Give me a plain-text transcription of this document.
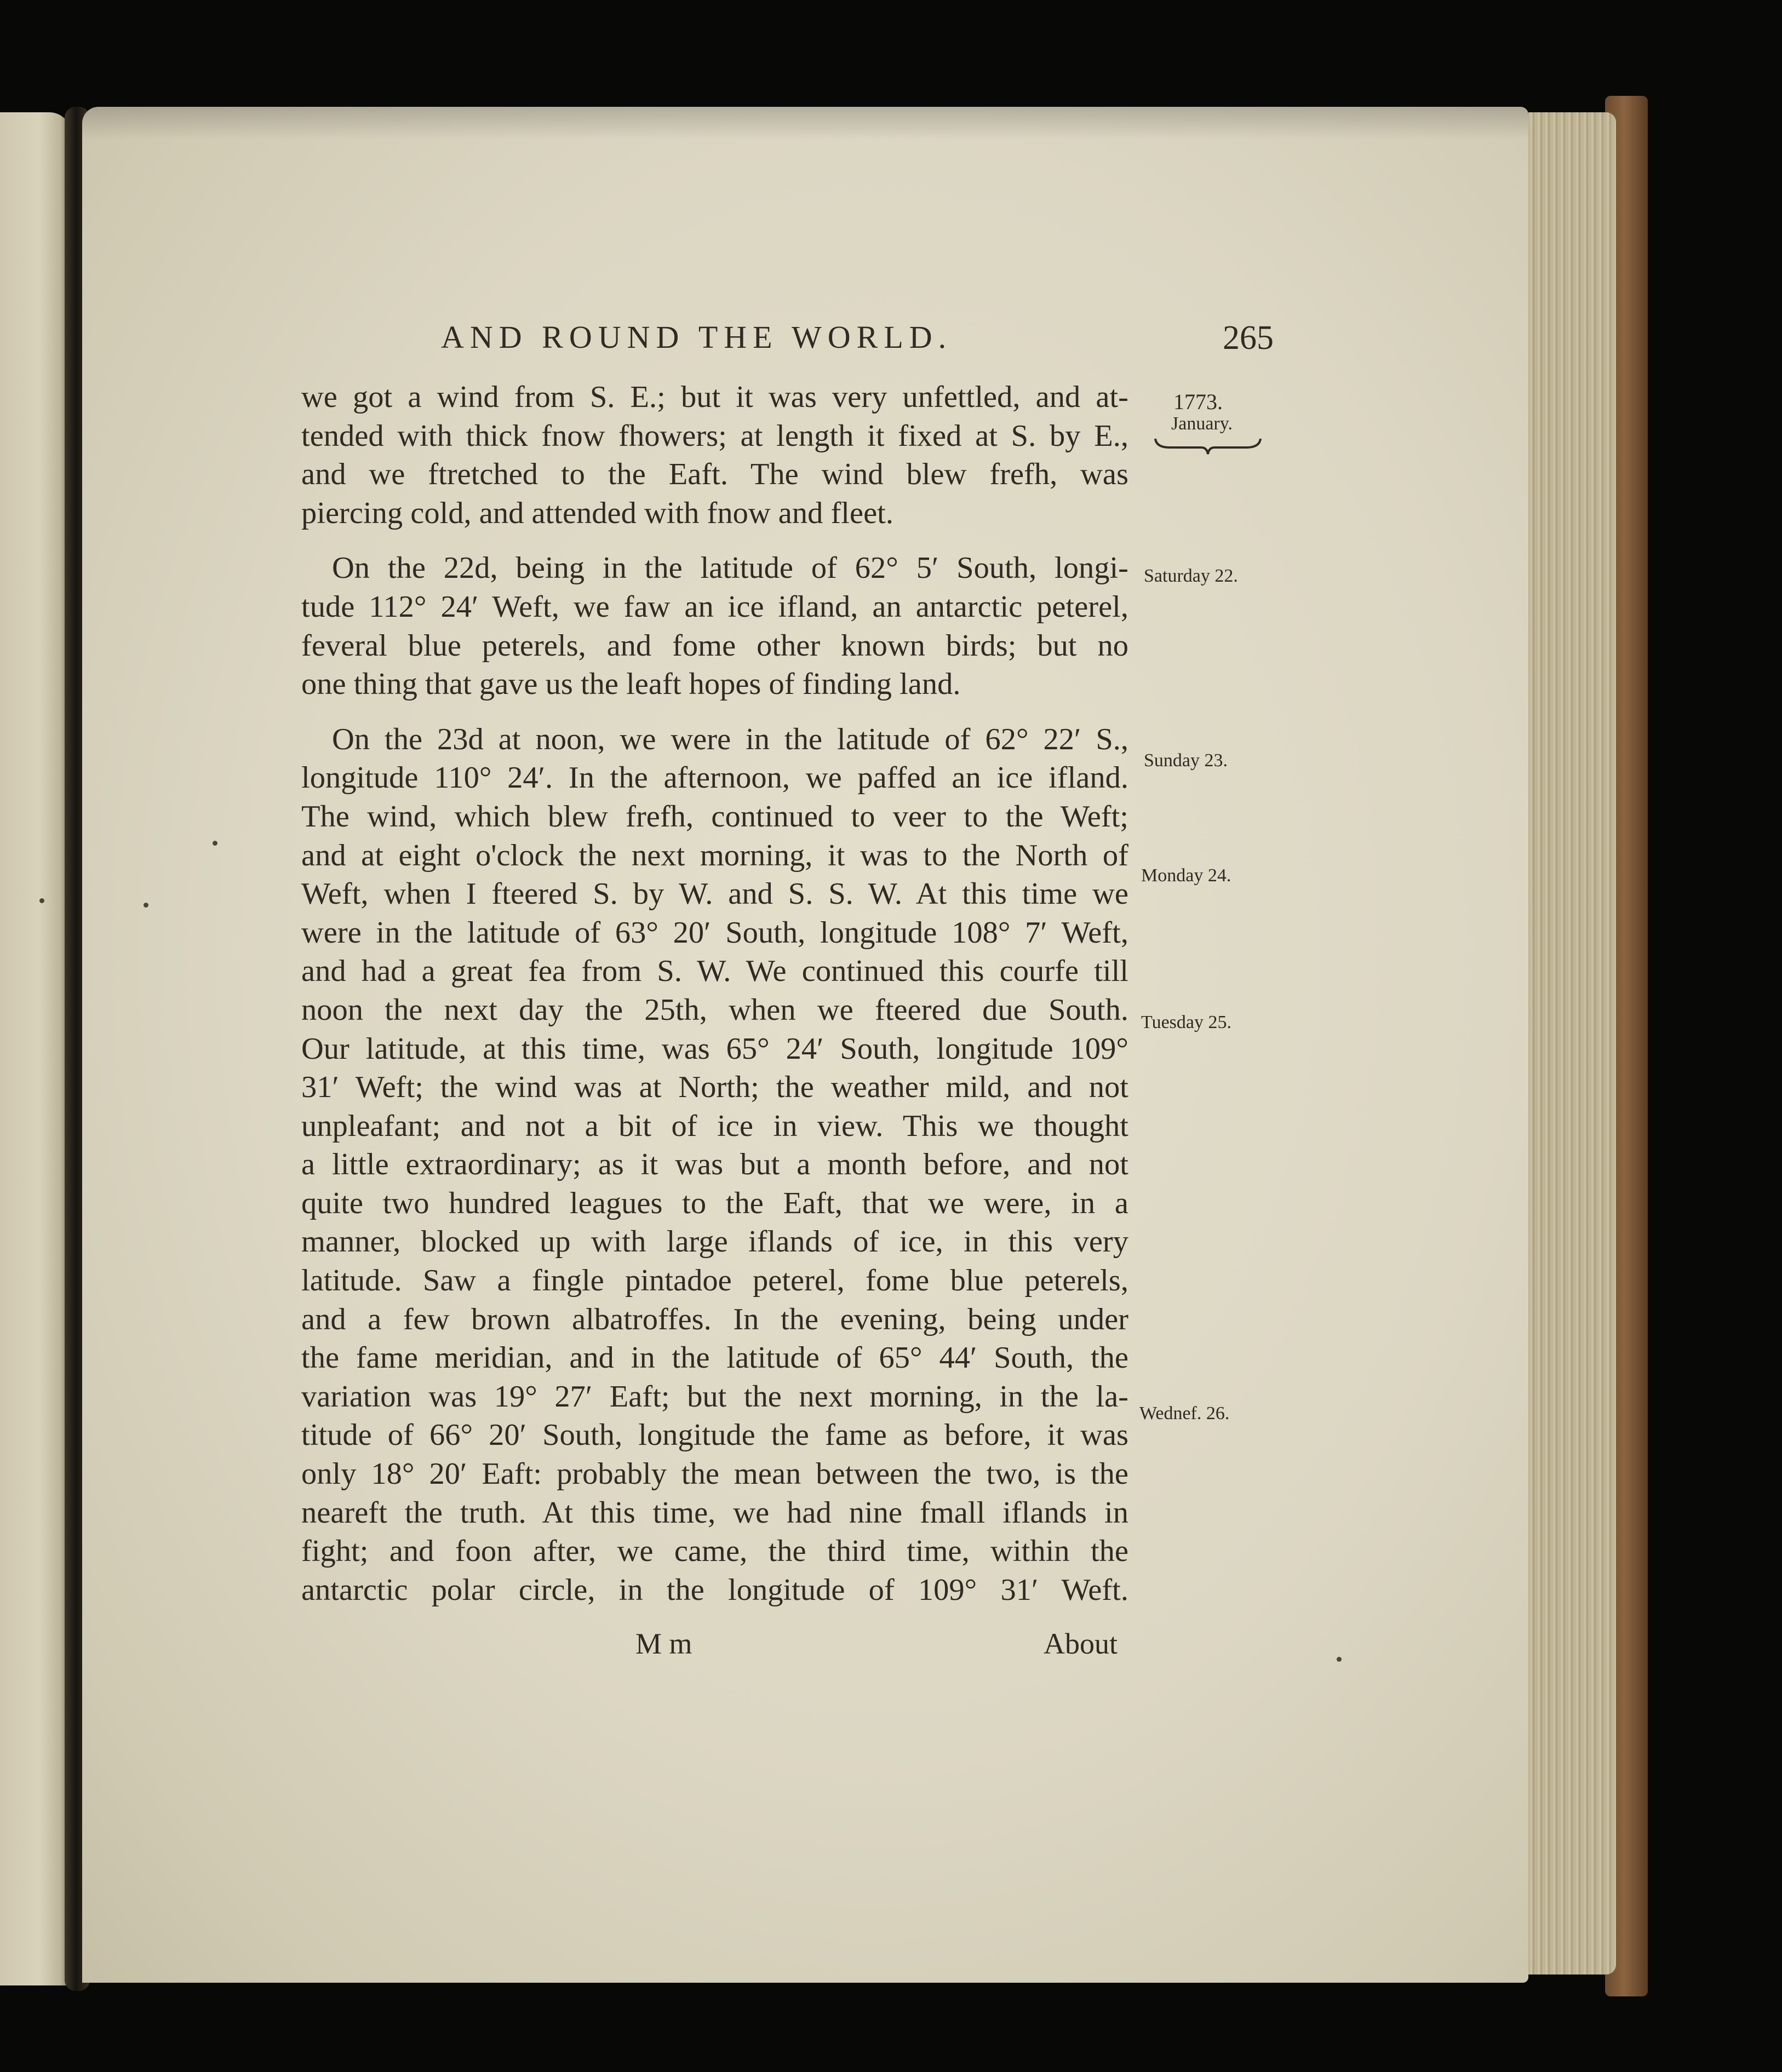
AND ROUND THE WORLD.	265
1773.
January.
Saturday 22.
Sunday 23.
Monday 24.
Tuesday 25.
Wednef. 26.
we got a wind from S. E.; but it was very unfettled, and at-
tended with thick fnow fhowers; at length it fixed at S. by E.,
and we ftretched to the Eaft. The wind blew frefh, was
piercing cold, and attended with fnow and fleet.
On the 22d, being in the latitude of 62° 5′ South, longi-
tude 112° 24′ Weft, we faw an ice ifland, an antarctic peterel,
feveral blue peterels, and fome other known birds; but no
one thing that gave us the leaft hopes of finding land.
On the 23d at noon, we were in the latitude of 62° 22′ S.,
longitude 110° 24′. In the afternoon, we paffed an ice ifland.
The wind, which blew frefh, continued to veer to the Weft;
and at eight o'clock the next morning, it was to the North of
Weft, when I fteered S. by W. and S. S. W. At this time we
were in the latitude of 63° 20′ South, longitude 108° 7′ Weft,
and had a great fea from S. W. We continued this courfe till
noon the next day the 25th, when we fteered due South.
Our latitude, at this time, was 65° 24′ South, longitude 109°
31′ Weft; the wind was at North; the weather mild, and not
unpleafant; and not a bit of ice in view. This we thought
a little extraordinary; as it was but a month before, and not
quite two hundred leagues to the Eaft, that we were, in a
manner, blocked up with large iflands of ice, in this very
latitude. Saw a fingle pintadoe peterel, fome blue peterels,
and a few brown albatroffes. In the evening, being under
the fame meridian, and in the latitude of 65° 44′ South, the
variation was 19° 27′ Eaft; but the next morning, in the la-
titude of 66° 20′ South, longitude the fame as before, it was
only 18° 20′ Eaft: probably the mean between the two, is the
neareft the truth. At this time, we had nine fmall iflands in
fight; and foon after, we came, the third time, within the
antarctic polar circle, in the longitude of 109° 31′ Weft.
M m	About
